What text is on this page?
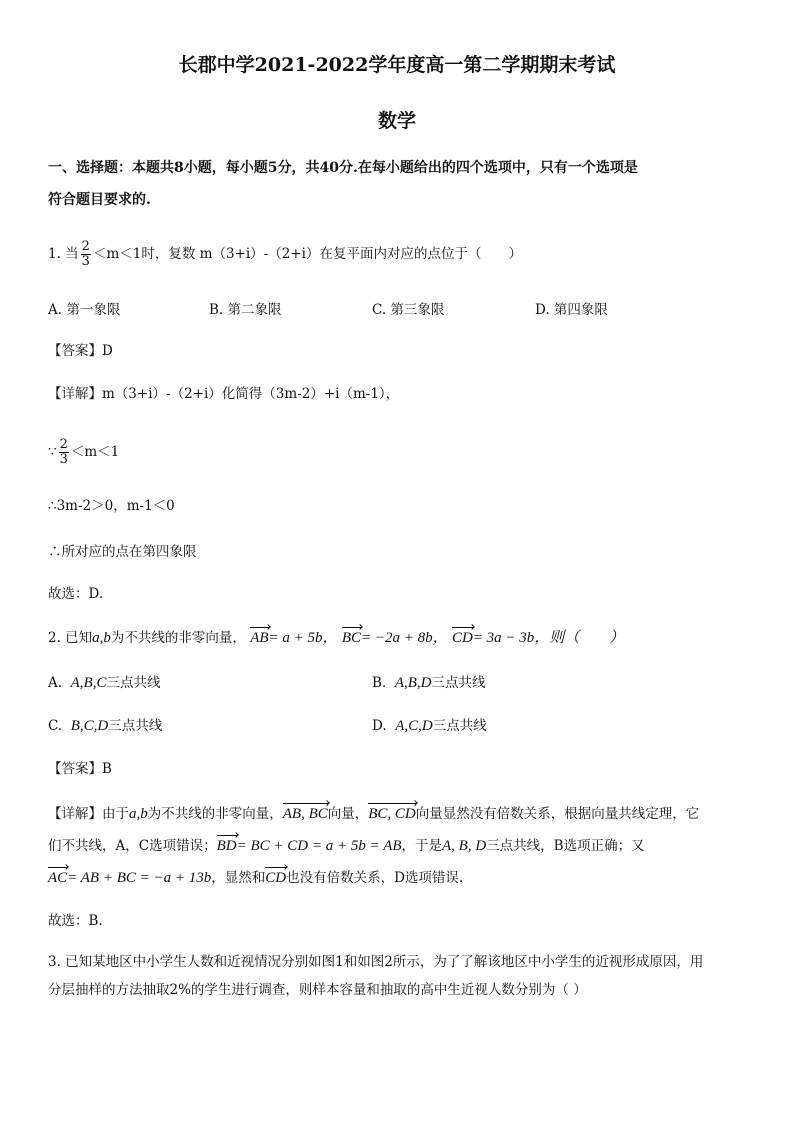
长郡中学2021-2022学年度高一第二学期期末考试
数学
一、选择题：本题共8小题，每小题5分，共40分.在每小题给出的四个选项中，只有一个选项是
符合题目要求的.
1. 当 $\frac{2}{3} <m<1$时，复数 m（3+i）-（2+i）在复平面内对应的点位于（　　）
A. 第一象限	B. 第二象限	C. 第三象限	D. 第四象限
【答案】D
【详解】m（3+i）-（2+i）化简得（3m-2）+i（m-1），
∵ $\frac{2}{3} <m<1$
∴3m-2＞0，m-1＜0
∴所对应的点在第四象限
故选：D.
2. 已知a,b为不共线的非零向量， AB= a + 5b， BC= −2a + 8b， CD= 3a − 3b，则（　　）
A. A,B,C三点共线	B. A,B,D三点共线
C. B,C,D三点共线	D. A,C,D三点共线
【答案】B
【详解】由于a,b为不共线的非零向量，AB, BC向量，BC, CD向量显然没有倍数关系，根据向量共线定理，它
们不共线，A，C选项错误；BD= BC + CD = a + 5b = AB，于是A, B, D三点共线，B选项正确；又
AC= AB + BC = −a + 13b，显然和CD也没有倍数关系，D选项错误.
故选：B.
3. 已知某地区中小学生人数和近视情况分别如图1和如图2所示，为了了解该地区中小学生的近视形成原因，用
分层抽样的方法抽取2%的学生进行调查，则样本容量和抽取的高中生近视人数分别为（ ）
